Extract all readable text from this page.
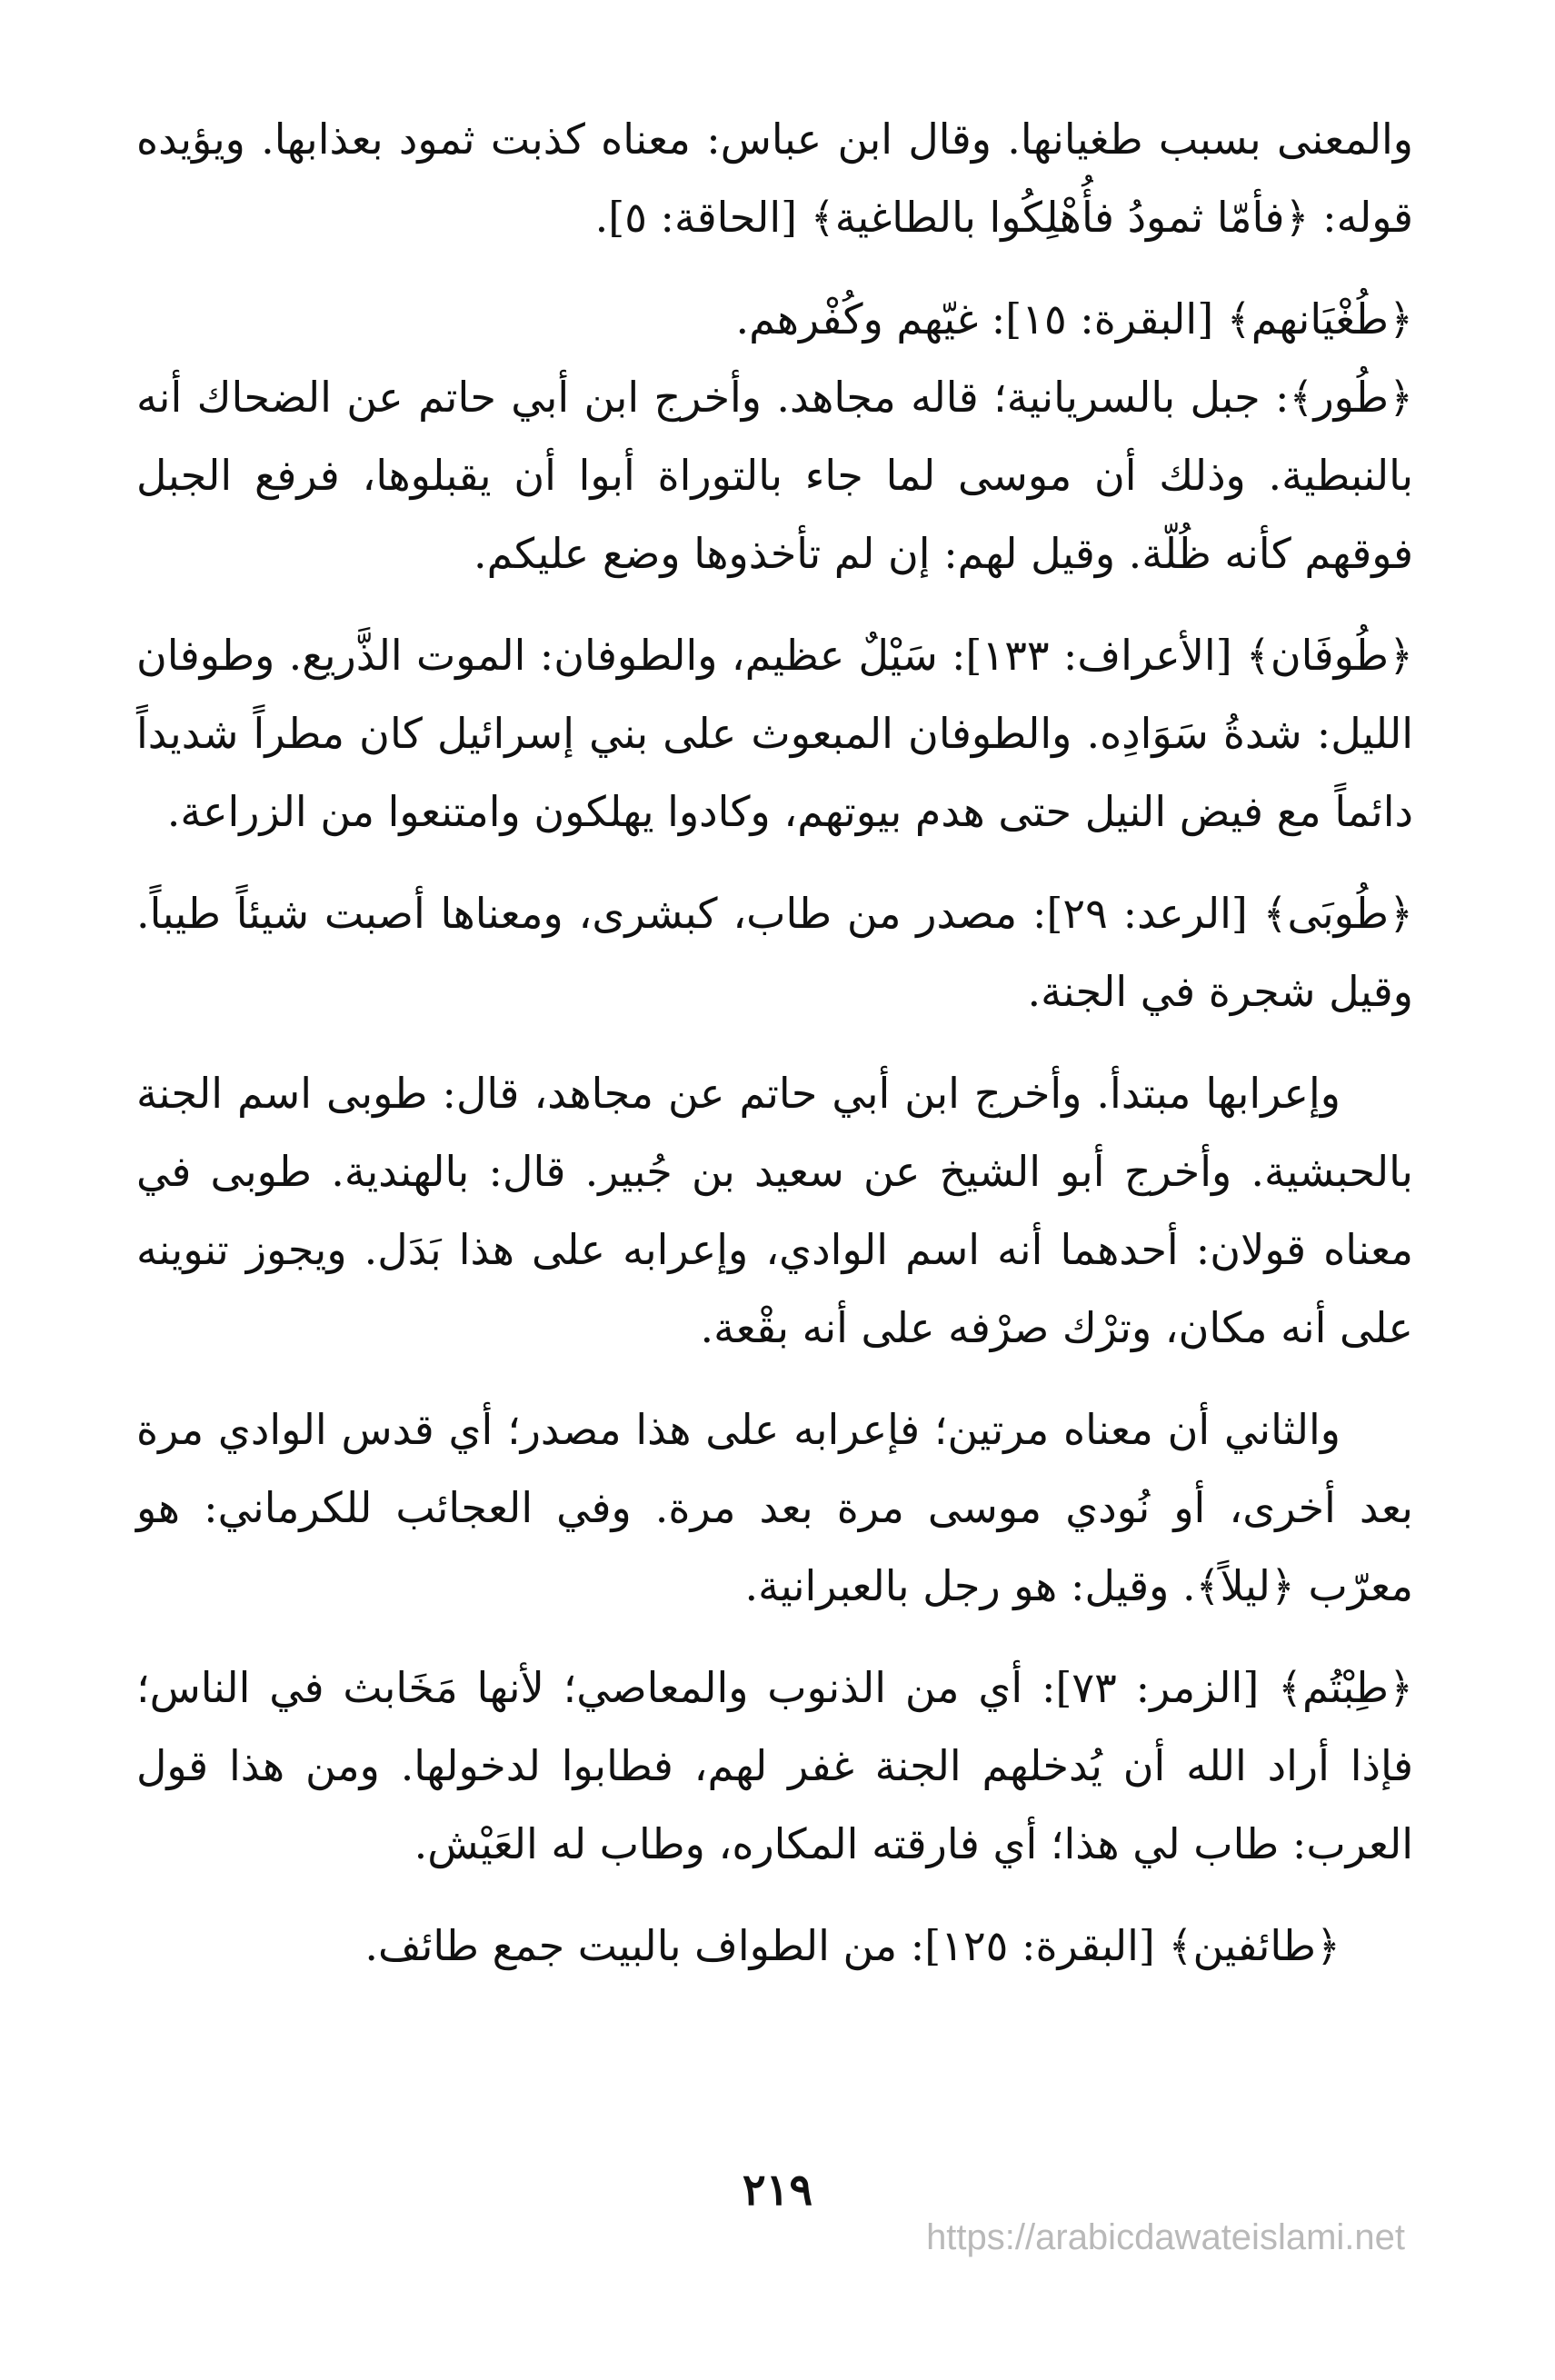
والمعنى بسبب طغيانها. وقال ابن عباس: معناه كذبت ثمود بعذابها. ويؤيده قوله: ﴿فأمّا ثمودُ فأُهْلِكُوا بالطاغية﴾ [الحاقة: ٥].

﴿طُغْيَانهم﴾ [البقرة: ١٥]: غيّهم وكُفْرهم.

﴿طُور﴾: جبل بالسريانية؛ قاله مجاهد. وأخرج ابن أبي حاتم عن الضحاك أنه بالنبطية. وذلك أن موسى لما جاء بالتوراة أبوا أن يقبلوها، فرفع الجبل فوقهم كأنه ظُلّة. وقيل لهم: إن لم تأخذوها وضع عليكم.

﴿طُوفَان﴾ [الأعراف: ١٣٣]: سَيْلٌ عظيم، والطوفان: الموت الذَّريع. وطوفان الليل: شدةُ سَوَادِه. والطوفان المبعوث على بني إسرائيل كان مطراً شديداً دائماً مع فيض النيل حتى هدم بيوتهم، وكادوا يهلكون وامتنعوا من الزراعة.

﴿طُوبَى﴾ [الرعد: ٢٩]: مصدر من طاب، كبشرى، ومعناها أصبت شيئاً طيباً. وقيل شجرة في الجنة.

وإعرابها مبتدأ. وأخرج ابن أبي حاتم عن مجاهد، قال: طوبى اسم الجنة بالحبشية. وأخرج أبو الشيخ عن سعيد بن جُبير. قال: بالهندية. طوبى في معناه قولان: أحدهما أنه اسم الوادي، وإعرابه على هذا بَدَل. ويجوز تنوينه على أنه مكان، وترْك صرْفه على أنه بقْعة.

والثاني أن معناه مرتين؛ فإعرابه على هذا مصدر؛ أي قدس الوادي مرة بعد أخرى، أو نُودي موسى مرة بعد مرة. وفي العجائب للكرماني: هو معرّب ﴿ليلاً﴾. وقيل: هو رجل بالعبرانية.

﴿طِبْتُم﴾ [الزمر: ٧٣]: أي من الذنوب والمعاصي؛ لأنها مَخَابث في الناس؛ فإذا أراد الله أن يُدخلهم الجنة غفر لهم، فطابوا لدخولها. ومن هذا قول العرب: طاب لي هذا؛ أي فارقته المكاره، وطاب له العَيْش.

﴿طائفين﴾ [البقرة: ١٢٥]: من الطواف بالبيت جمع طائف.

٢١٩
https://arabicdawateislami.net
